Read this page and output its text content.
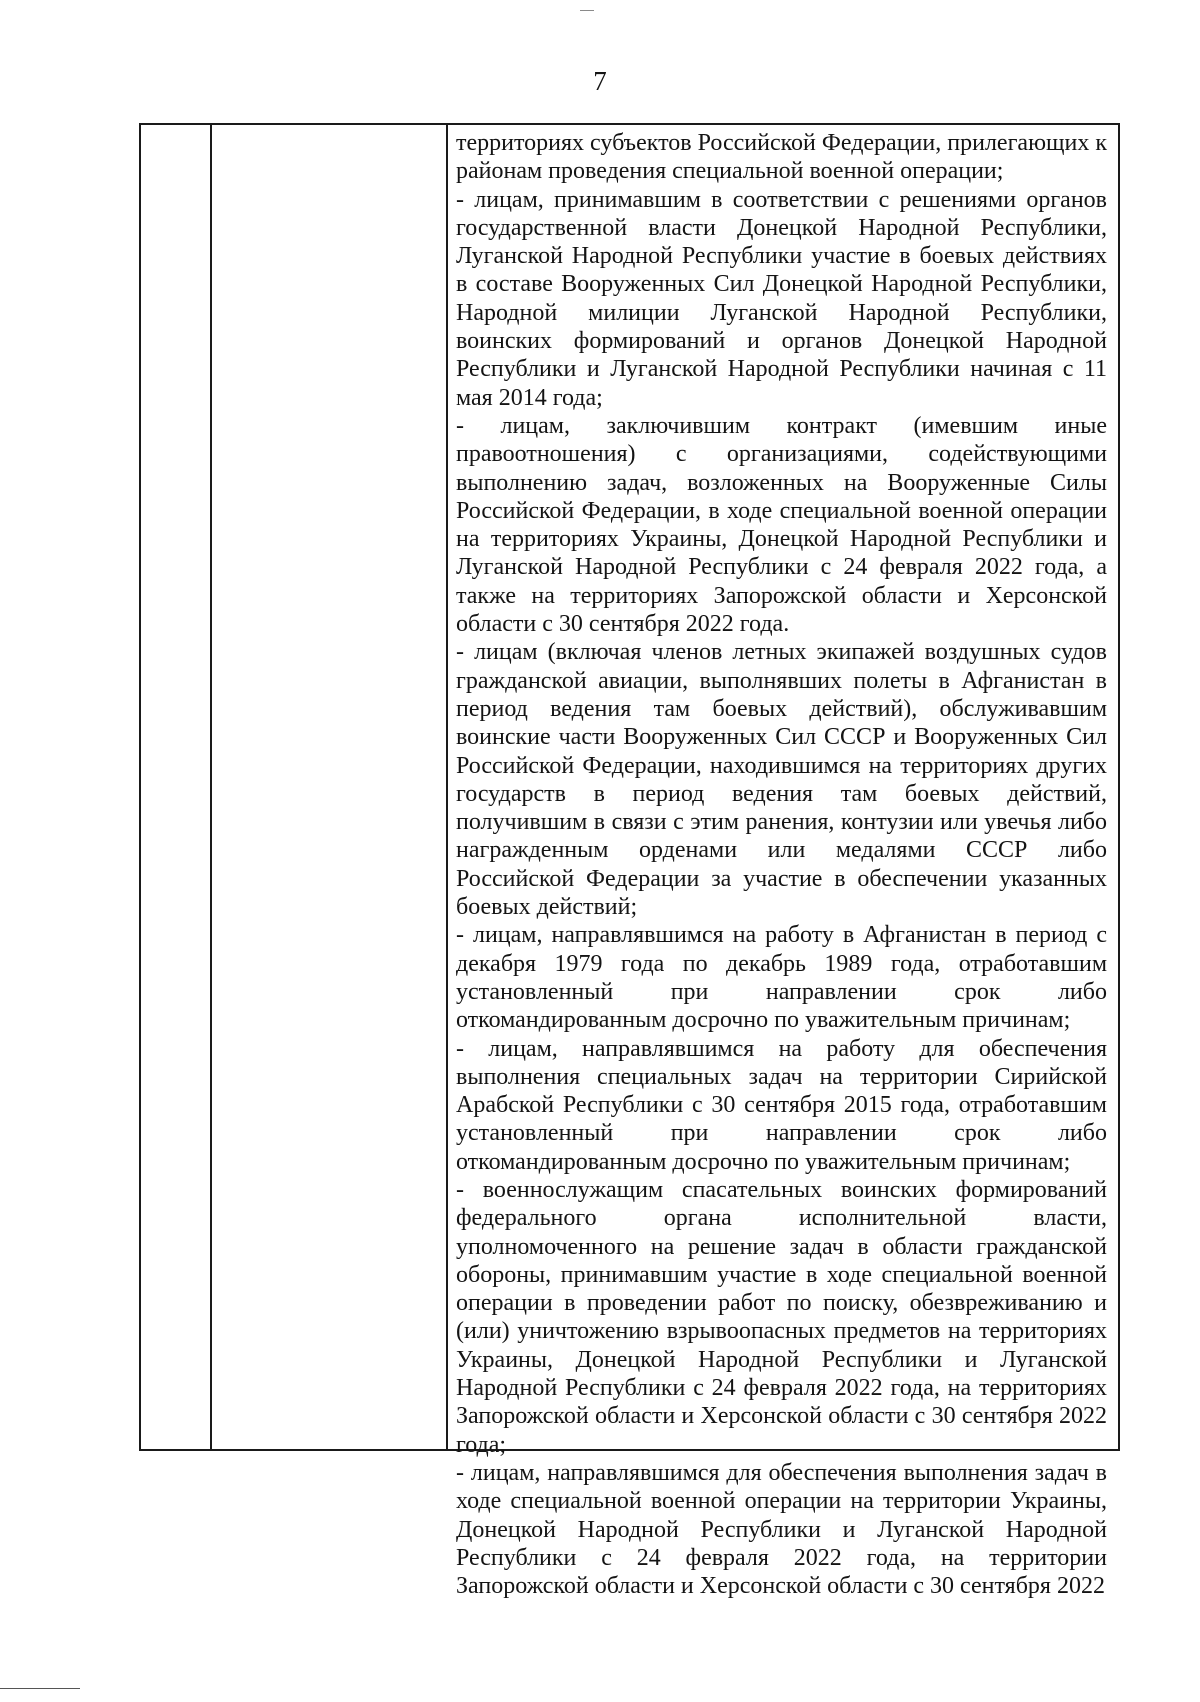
7

территориях субъектов Российской Федерации, прилегающих к районам проведения специальной военной операции;

- лицам, принимавшим в соответствии с решениями органов государственной власти Донецкой Народной Республики, Луганской Народной Республики участие в боевых действиях в составе Вооруженных Сил Донецкой Народной Республики, Народной милиции Луганской Народной Республики, воинских формирований и органов Донецкой Народной Республики и Луганской Народной Республики начиная с 11 мая 2014 года;

- лицам, заключившим контракт (имевшим иные правоотношения) с организациями, содействующими выполнению задач, возложенных на Вооруженные Силы Российской Федерации, в ходе специальной военной операции на территориях Украины, Донецкой Народной Республики и Луганской Народной Республики с 24 февраля 2022 года, а также на территориях Запорожской области и Херсонской области с 30 сентября 2022 года.

- лицам (включая членов летных экипажей воздушных судов гражданской авиации, выполнявших полеты в Афганистан в период ведения там боевых действий), обслуживавшим воинские части Вооруженных Сил СССР и Вооруженных Сил Российской Федерации, находившимся на территориях других государств в период ведения там боевых действий, получившим в связи с этим ранения, контузии или увечья либо награжденным орденами или медалями СССР либо Российской Федерации за участие в обеспечении указанных боевых действий;

- лицам, направлявшимся на работу в Афганистан в период с декабря 1979 года по декабрь 1989 года, отработавшим установленный при направлении срок либо откомандированным досрочно по уважительным причинам;

- лицам, направлявшимся на работу для обеспечения выполнения специальных задач на территории Сирийской Арабской Республики с 30 сентября 2015 года, отработавшим установленный при направлении срок либо откомандированным досрочно по уважительным причинам;

- военнослужащим спасательных воинских формирований федерального органа исполнительной власти, уполномоченного на решение задач в области гражданской обороны, принимавшим участие в ходе специальной военной операции в проведении работ по поиску, обезвреживанию и (или) уничтожению взрывоопасных предметов на территориях Украины, Донецкой Народной Республики и Луганской Народной Республики с 24 февраля 2022 года, на территориях Запорожской области и Херсонской области с 30 сентября 2022 года;

- лицам, направлявшимся для обеспечения выполнения задач в ходе специальной военной операции на территории Украины, Донецкой Народной Республики и Луганской Народной Республики с 24 февраля 2022 года, на территории Запорожской области и Херсонской области с 30 сентября 2022
